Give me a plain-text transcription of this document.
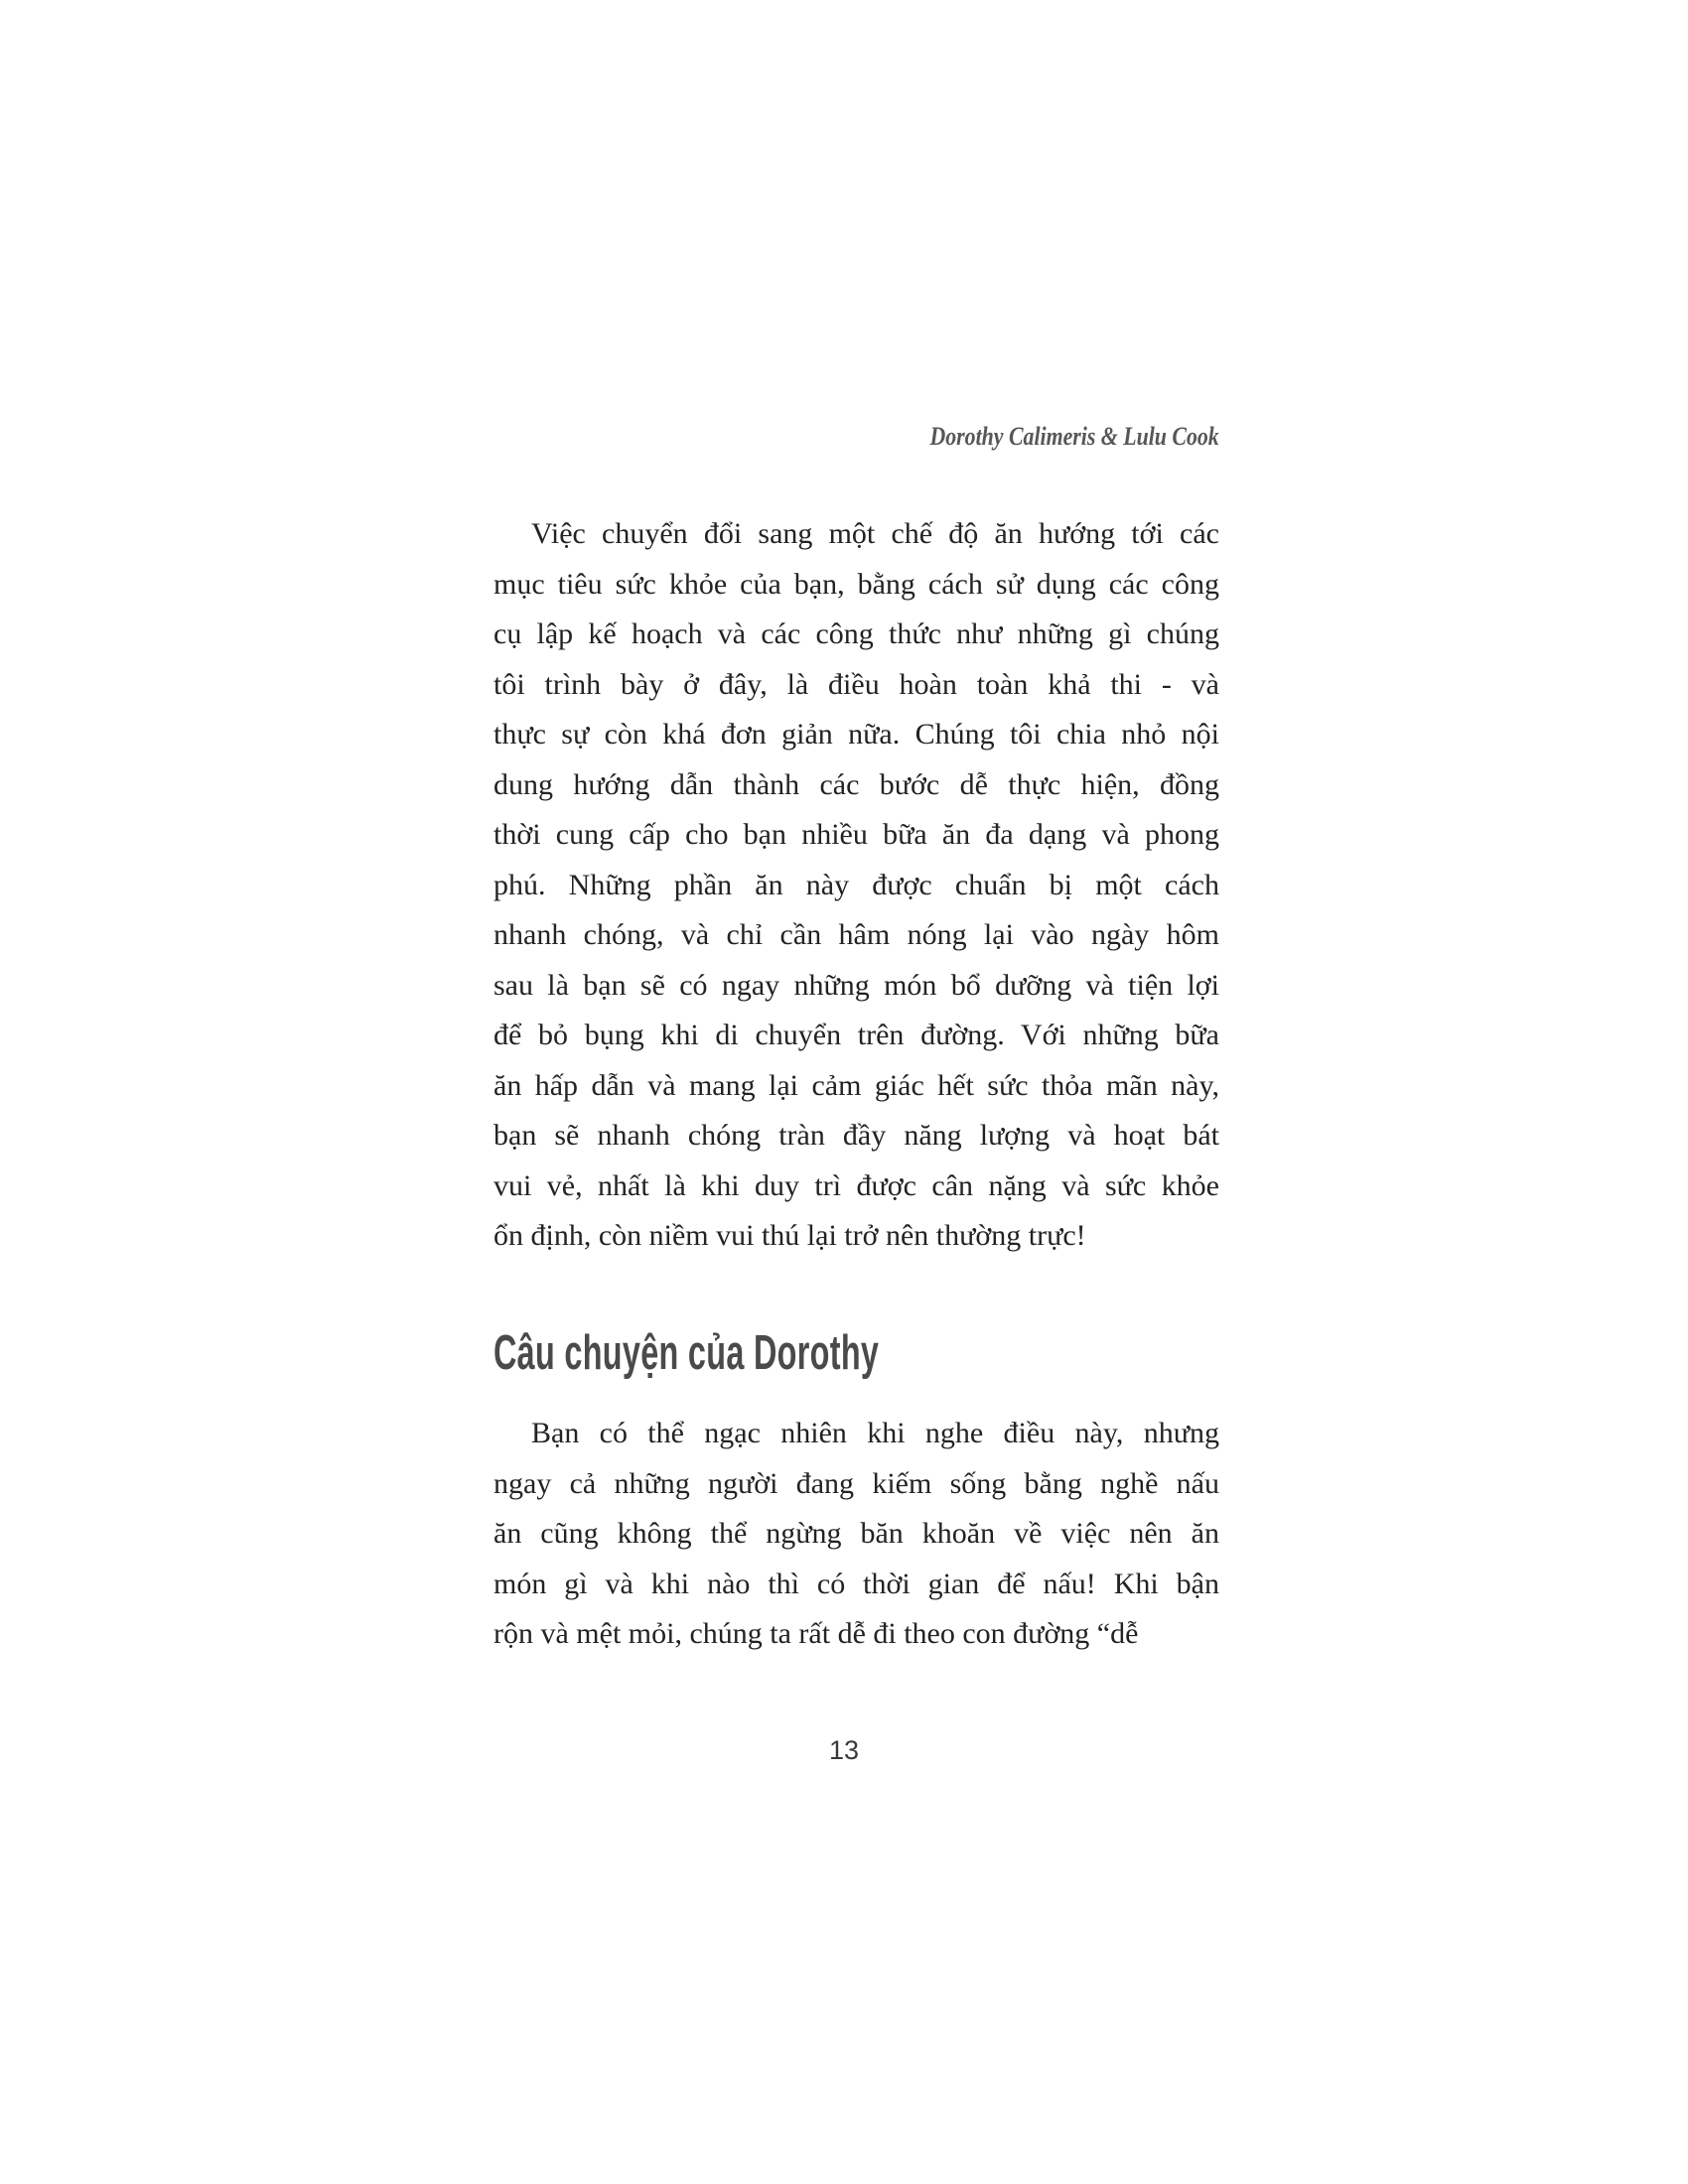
Dorothy Calimeris & Lulu Cook
Việc chuyển đổi sang một chế độ ăn hướng tới các
mục tiêu sức khỏe của bạn, bằng cách sử dụng các công
cụ lập kế hoạch và các công thức như những gì chúng
tôi trình bày ở đây, là điều hoàn toàn khả thi - và
thực sự còn khá đơn giản nữa. Chúng tôi chia nhỏ nội
dung hướng dẫn thành các bước dễ thực hiện, đồng
thời cung cấp cho bạn nhiều bữa ăn đa dạng và phong
phú. Những phần ăn này được chuẩn bị một cách
nhanh chóng, và chỉ cần hâm nóng lại vào ngày hôm
sau là bạn sẽ có ngay những món bổ dưỡng và tiện lợi
để bỏ bụng khi di chuyển trên đường. Với những bữa
ăn hấp dẫn và mang lại cảm giác hết sức thỏa mãn này,
bạn sẽ nhanh chóng tràn đầy năng lượng và hoạt bát
vui vẻ, nhất là khi duy trì được cân nặng và sức khỏe
ổn định, còn niềm vui thú lại trở nên thường trực!
Câu chuyện của Dorothy
Bạn có thể ngạc nhiên khi nghe điều này, nhưng
ngay cả những người đang kiếm sống bằng nghề nấu
ăn cũng không thể ngừng băn khoăn về việc nên ăn
món gì và khi nào thì có thời gian để nấu! Khi bận
rộn và mệt mỏi, chúng ta rất dễ đi theo con đường “dễ
13
